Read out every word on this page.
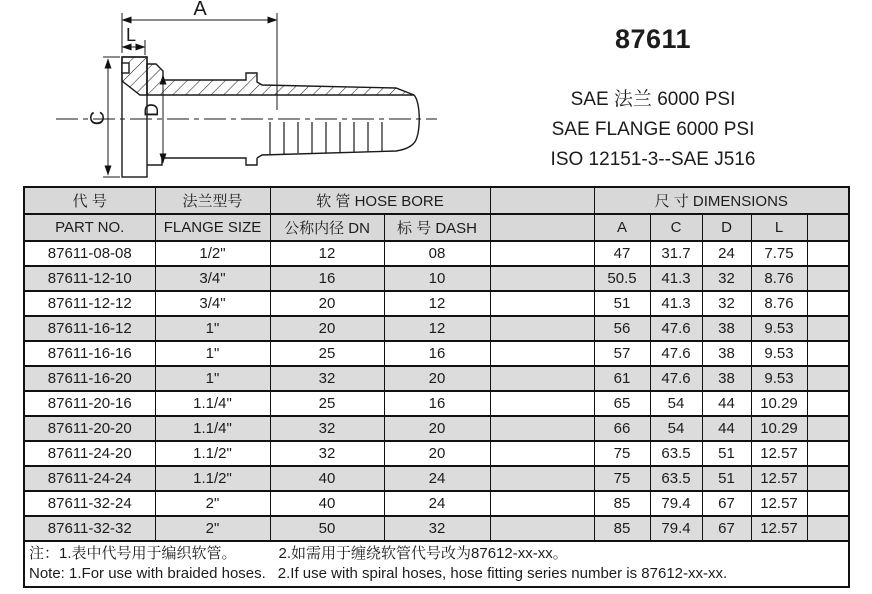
A
L
C
D
87611
SAE 法兰 6000 PSI
SAE FLANGE 6000 PSI
ISO 12151-3--SAE J516
代 号	法兰型号	软 管 HOSE BORE			尺 寸 DIMENSIONS				
PART NO.	FLANGE SIZE	公称内径 DN	标 号 DASH		A	C	D	L	
87611-08-08	1/2"	12	08		47	31.7	24	7.75	
87611-12-10	3/4"	16	10		50.5	41.3	32	8.76	
87611-12-12	3/4"	20	12		51	41.3	32	8.76	
87611-16-12	1"	20	12		56	47.6	38	9.53	
87611-16-16	1"	25	16		57	47.6	38	9.53	
87611-16-20	1"	32	20		61	47.6	38	9.53	
87611-20-16	1.1/4"	25	16		65	54	44	10.29	
87611-20-20	1.1/4"	32	20		66	54	44	10.29	
87611-24-20	1.1/2"	32	20		75	63.5	51	12.57	
87611-24-24	1.1/2"	40	24		75	63.5	51	12.57	
87611-32-24	2"	40	24		85	79.4	67	12.57	
87611-32-32	2"	50	32		85	79.4	67	12.57	

注：1.表中代号用于编织软管。 2.如需用于缠绕软管代号改为87612-xx-xx。
Note: 1.For use with braided hoses. 2.If use with spiral hoses, hose fitting series number is 87612-xx-xx.									
